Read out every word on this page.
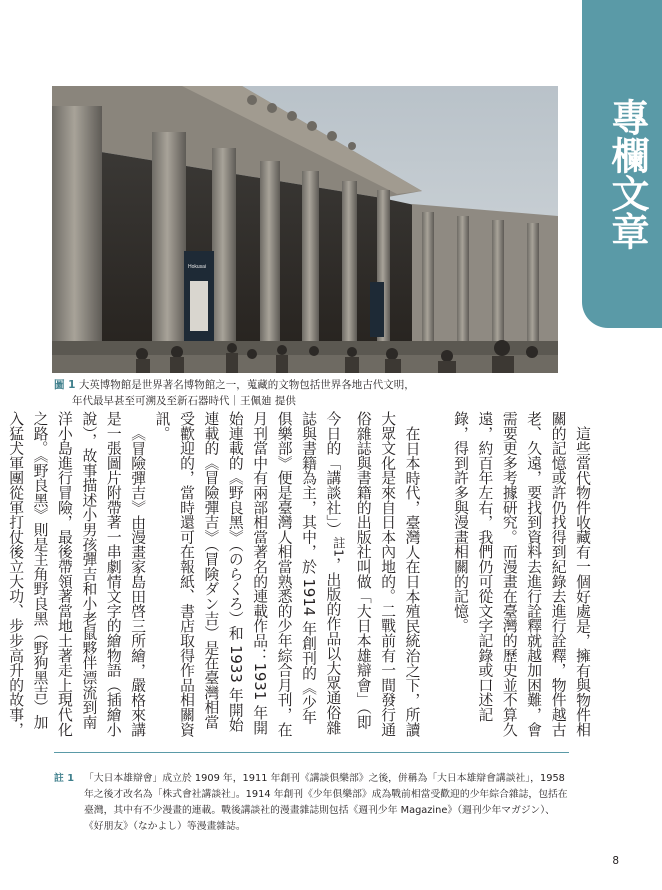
專欄文章
Hokusai
圖 1 大英博物館是世界著名博物館之一，蒐藏的文物包括世界各地古代文明，
年代最早甚至可溯及至新石器時代｜王佩廸 提供

這些當代物件收藏有一個好處是，擁有與物件相關的記憶或許仍找得到紀錄去進行詮釋，物件越古老、久遠，要找到資料去進行詮釋就越加困難，會需要更多考據研究。而漫畫在臺灣的歷史並不算久遠，約百年左右，我們仍可從文字記錄或口述記錄，得到許多與漫畫相關的記憶。

在日本時代，臺灣人在日本殖民統治之下，所讀大眾文化是來自日本內地的。二戰前有一間發行通俗雜誌與書籍的出版社叫做「大日本雄辯會」（即今日的「講談社」）$^{註1}$，出版的作品以大眾通俗雜誌與書籍為主，其中，於 1914 年創刊的《少年俱樂部》便是臺灣人相當熟悉的少年綜合月刊，在月刊當中有兩部相當著名的連載作品：1931 年開始連載的《野良黑》（のらくろ）和 1933 年開始連載的《冒險彈吉》（冒険ダン吉）是在臺灣相當受歡迎的，當時還可在報紙、書店取得作品相關資訊。

《冒險彈吉》由漫畫家島田啓三所繪，嚴格來講是一張圖片附帶著一串劇情文字的繪物語（插繪小說），故事描述小男孩彈吉和小老鼠夥伴漂流到南洋小島進行冒險，最後帶領著當地土著走上現代化之路。《野良黑》則是主角野良黑（野狗黑吉）加入猛犬軍團從軍打仗後立大功、步步高升的故事，

註 1 「大日本雄辯會」成立於 1909 年，1911 年創刊《講談俱樂部》之後，併稱為「大日本雄辯會講談社」，1958 年之後才改名為「株式會社講談社」。1914 年創刊《少年俱樂部》成為戰前相當受歡迎的少年綜合雜誌，包括在臺灣，其中有不少漫畫的連載。戰後講談社的漫畫雜誌則包括《週刊少年 Magazine》（週刊少年マガジン）、《好朋友》（なかよし）等漫畫雜誌。
8
